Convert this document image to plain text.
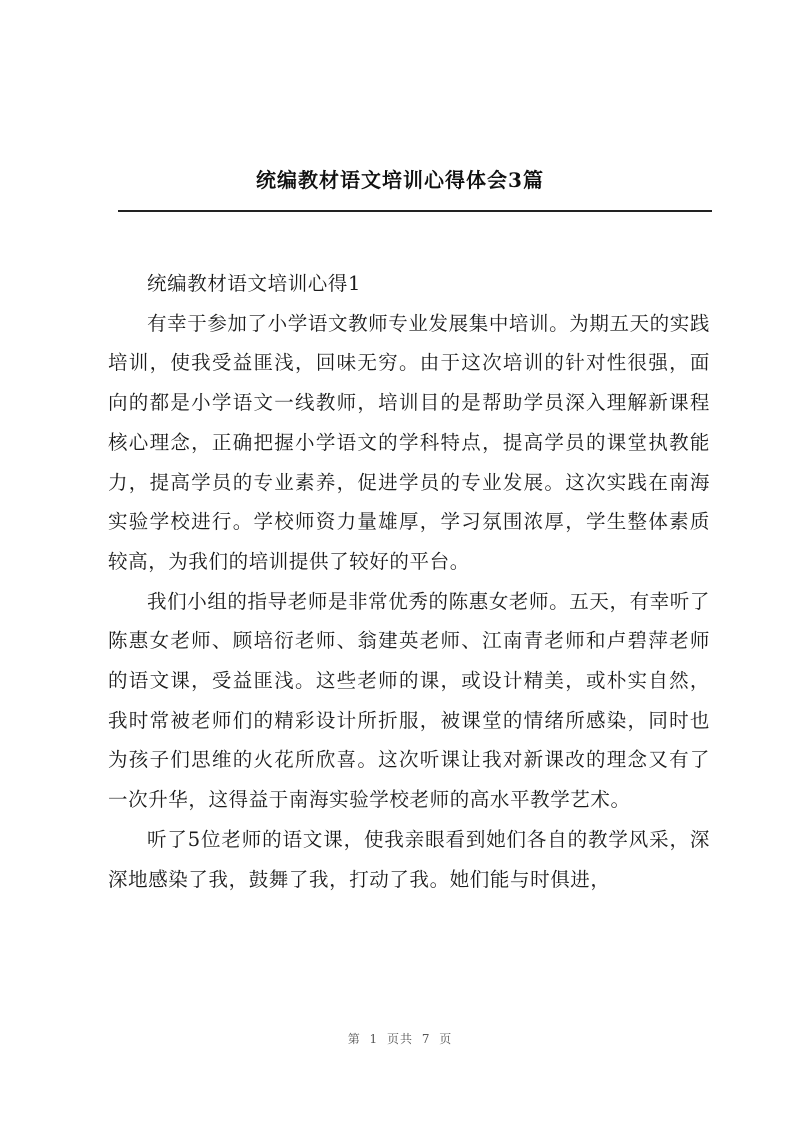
统编教材语文培训心得体会3篇

统编教材语文培训心得1

有幸于参加了小学语文教师专业发展集中培训。为期五天的实践培训，使我受益匪浅，回味无穷。由于这次培训的针对性很强，面向的都是小学语文一线教师，培训目的是帮助学员深入理解新课程核心理念，正确把握小学语文的学科特点，提高学员的课堂执教能力，提高学员的专业素养，促进学员的专业发展。这次实践在南海实验学校进行。学校师资力量雄厚，学习氛围浓厚，学生整体素质较高，为我们的培训提供了较好的平台。

我们小组的指导老师是非常优秀的陈惠女老师。五天，有幸听了陈惠女老师、顾培衍老师、翁建英老师、江南青老师和卢碧萍老师的语文课，受益匪浅。这些老师的课，或设计精美，或朴实自然，我时常被老师们的精彩设计所折服，被课堂的情绪所感染，同时也为孩子们思维的火花所欣喜。这次听课让我对新课改的理念又有了一次升华，这得益于南海实验学校老师的高水平教学艺术。

听了5位老师的语文课，使我亲眼看到她们各自的教学风采，深深地感染了我，鼓舞了我，打动了我。她们能与时俱进，

第 1 页共 7 页
